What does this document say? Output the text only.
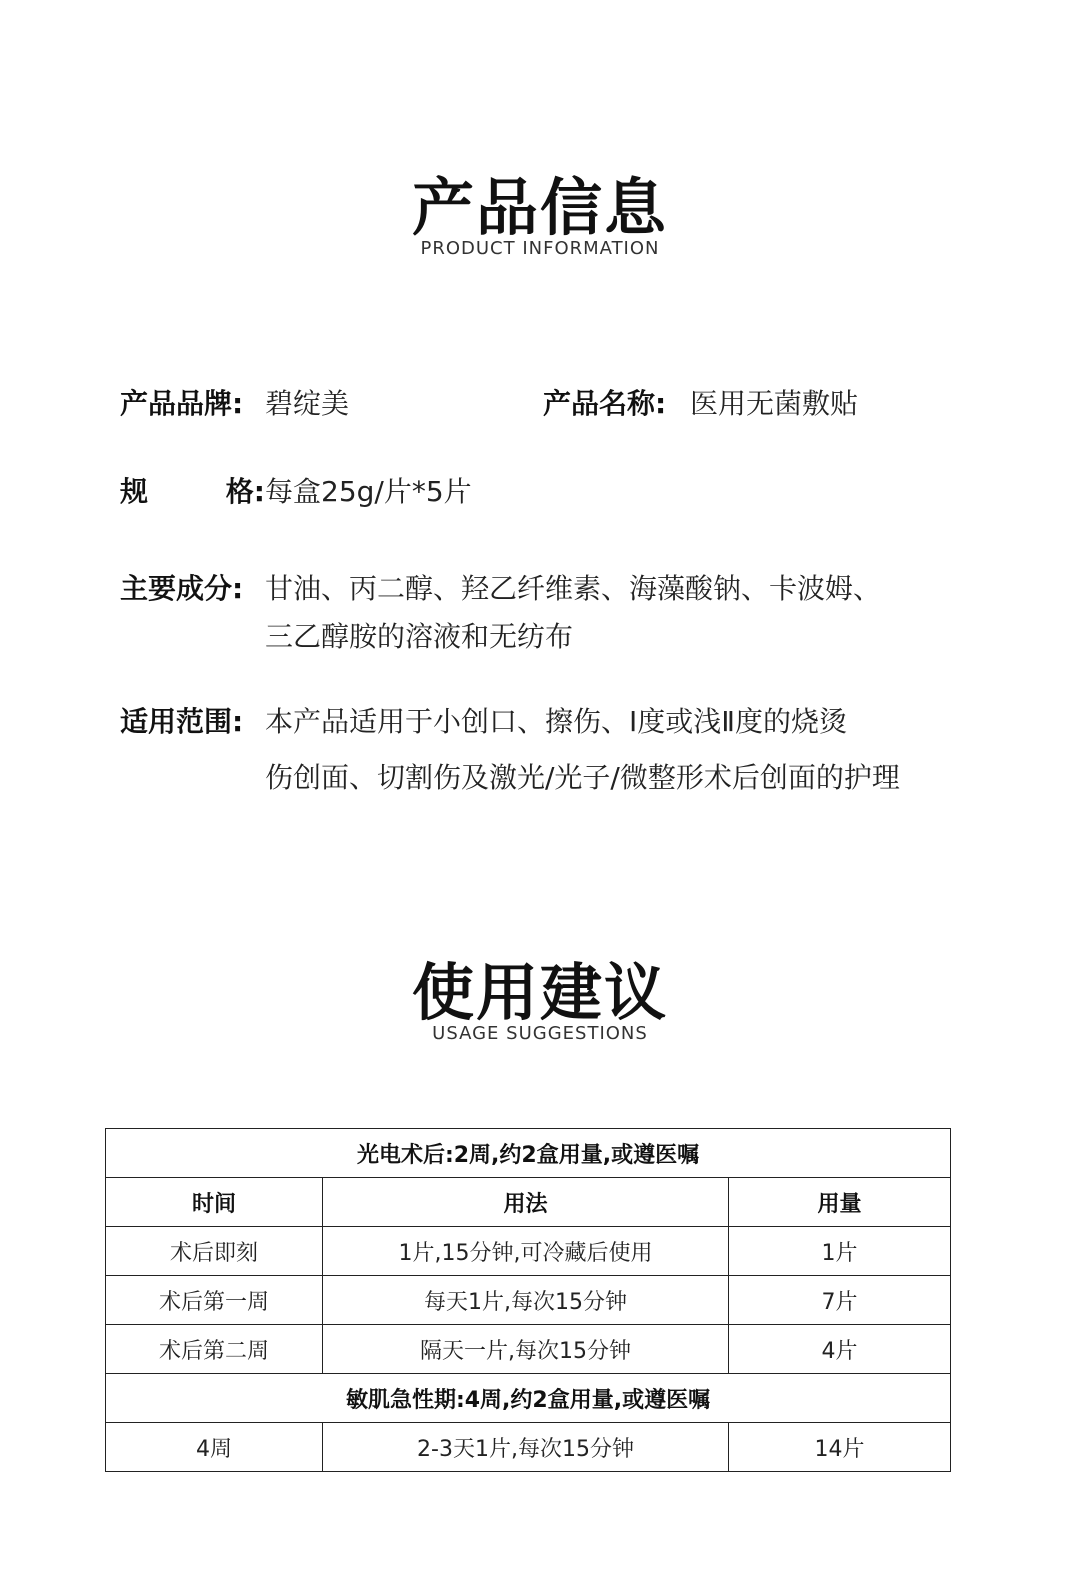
产品信息
PRODUCT INFORMATION
产品品牌: 碧绽美	产品名称: 医用无菌敷贴
规	格: 每盒25g/片*5片
主要成分: 甘油、丙二醇、羟乙纤维素、海藻酸钠、卡波姆、
三乙醇胺的溶液和无纺布
适用范围: 本产品适用于小创口、擦伤、Ⅰ度或浅Ⅱ度的烧烫
伤创面、切割伤及激光/光子/微整形术后创面的护理
使用建议
USAGE SUGGESTIONS
光电术后:2周,约2盒用量,或遵医嘱		
时间	用法	用量
术后即刻	1片,15分钟,可冷藏后使用	1片
术后第一周	每天1片,每次15分钟	7片
术后第二周	隔天一片,每次15分钟	4片
敏肌急性期:4周,约2盒用量,或遵医嘱		
4周	2-3天1片,每次15分钟	14片
